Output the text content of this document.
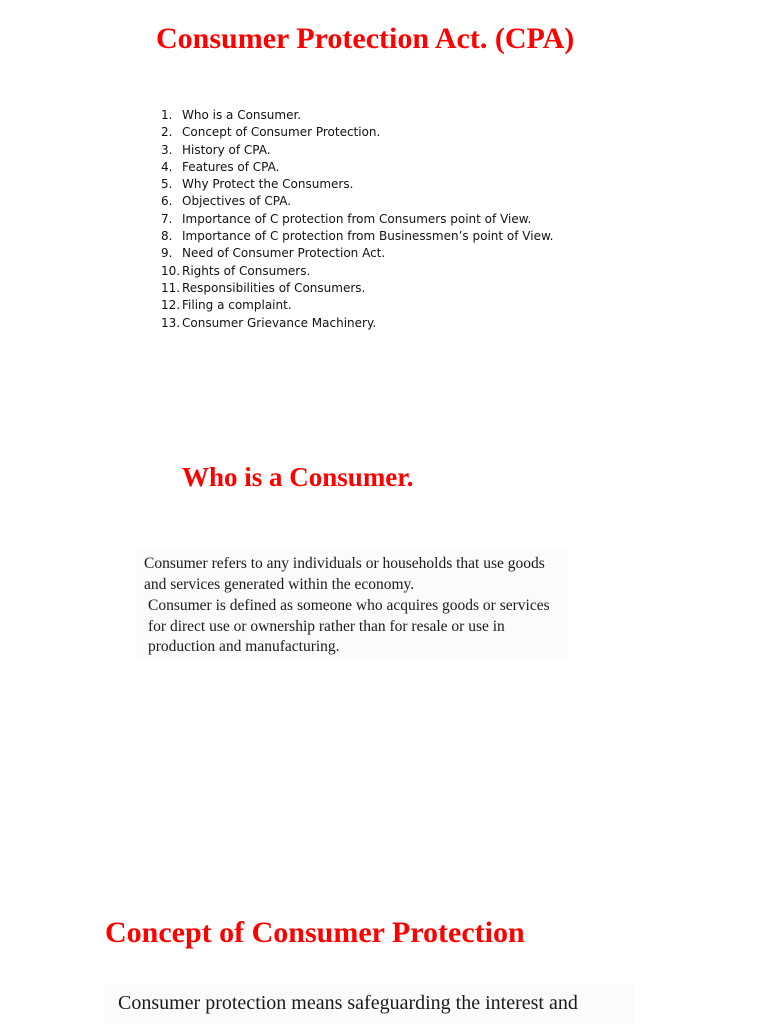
Consumer Protection Act. (CPA)
1. Who is a Consumer.
2. Concept of Consumer Protection.
3. History of CPA.
4. Features of CPA.
5. Why Protect the Consumers.
6. Objectives of CPA.
7. Importance of C protection from Consumers point of View.
8. Importance of C protection from Businessmen’s point of View.
9. Need of Consumer Protection Act.
10. Rights of Consumers.
11. Responsibilities of Consumers.
12. Filing a complaint.
13. Consumer Grievance Machinery.
Who is a Consumer.

Consumer refers to any individuals or households that use goods and services generated within the economy.

Consumer is defined as someone who acquires goods or services for direct use or ownership rather than for resale or use in production and manufacturing.

Concept of Consumer Protection

Consumer protection means safeguarding the interest and
